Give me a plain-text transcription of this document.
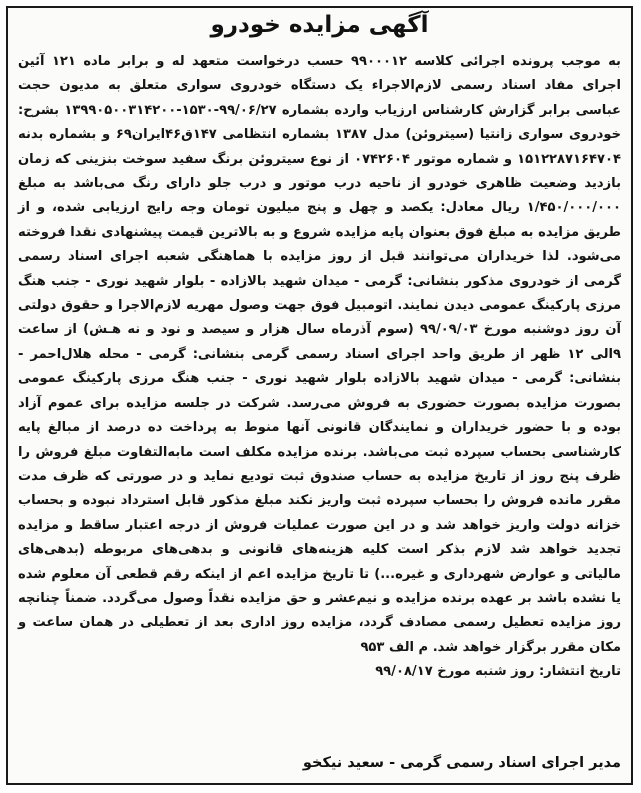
آگهی مزایده خودرو

به موجب پرونده اجرائی کلاسه ۹۹۰۰۰۱۲ حسب درخواست متعهد له و برابر ماده ۱۲۱ آئین اجرای مفاد اسناد رسمی لازم‌الاجراء یک دستگاه خودروی سواری متعلق به مدیون حجت عباسی برابر گزارش کارشناس ارزیاب وارده بشماره ۹۹/۰۶/۲۷-۱۵۳۰-۱۳۹۹۰۵۰۰۳۱۴۲۰۰ بشرح: خودروی سواری زانتیا (سیتروئن) مدل ۱۳۸۷ بشماره انتظامی ۱۴۷ق۴۶ایران۶۹ و بشماره بدنه ۱۵۱۲۲۸۷۱۶۴۷۰۴ و شماره موتور ۰۷۴۲۶۰۴ از نوع سیتروئن برنگ سفید سوخت بنزینی که زمان بازدید وضعیت ظاهری خودرو از ناحیه درب موتور و درب جلو دارای رنگ می‌باشد به مبلغ ۱/۴۵۰/۰۰۰/۰۰۰ ریال معادل: یکصد و چهل و پنج میلیون تومان وجه رایج ارزیابی شده، و از طریق مزایده به مبلغ فوق بعنوان پایه مزایده شروع و به بالاترین قیمت پیشنهادی نقدا فروخته می‌شود. لذا خریداران می‌توانند قبل از روز مزایده با هماهنگی شعبه اجرای اسناد رسمی گرمی از خودروی مذکور بنشانی: گرمی - میدان شهید بالازاده - بلوار شهید نوری - جنب هنگ مرزی پارکینگ عمومی دیدن نمایند. اتومبیل فوق جهت وصول مهریه لازم‌الاجرا و حقوق دولتی آن روز دوشنبه مورخ ۹۹/۰۹/۰۳ (سوم آذرماه سال هزار و سیصد و نود و نه هـش) از ساعت ۹الی ۱۲ ظهر از طریق واحد اجرای اسناد رسمی گرمی بنشانی: گرمی - محله هلال‌احمر - بنشانی: گرمی - میدان شهید بالازاده بلوار شهید نوری - جنب هنگ مرزی پارکینگ عمومی بصورت مزایده بصورت حضوری به فروش می‌رسد. شرکت در جلسه مزایده برای عموم آزاد بوده و با حضور خریداران و نمایندگان قانونی آنها منوط به پرداخت ده درصد از مبالغ پایه کارشناسی بحساب سپرده ثبت می‌باشد. برنده مزایده مکلف است مابه‌التفاوت مبلغ فروش را ظرف پنج روز از تاریخ مزایده به حساب صندوق ثبت تودیع نماید و در صورتی که ظرف مدت مقرر مانده فروش را بحساب سپرده ثبت واریز نکند مبلغ مذکور قابل استرداد نبوده و بحساب خزانه دولت واریز خواهد شد و در این صورت عملیات فروش از درجه اعتبار ساقط و مزایده تجدید خواهد شد لازم بذکر است کلیه هزینه‌های قانونی و بدهی‌های مربوطه (بدهی‌های مالیاتی و عوارض شهرداری و غیره...) تا تاریخ مزایده اعم از اینکه رقم قطعی آن معلوم شده یا نشده باشد بر عهده برنده مزایده و نیم‌عشر و حق مزایده نقداً وصول می‌گردد. ضمناً چنانچه روز مزایده تعطیل رسمی مصادف گردد، مزایده روز اداری بعد از تعطیلی در همان ساعت و مکان مقرر برگزار خواهد شد. م الف ۹۵۳

تاریخ انتشار: روز شنبه مورخ ۹۹/۰۸/۱۷

مدیر اجرای اسناد رسمی گرمی - سعید نیکخو
